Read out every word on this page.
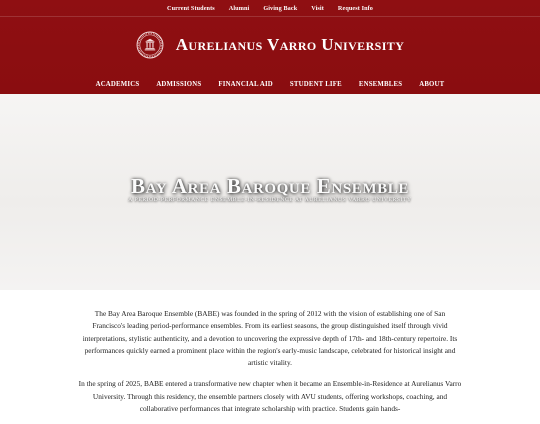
Current Students Alumni Giving Back Visit Request Info
Aurelianus Varro University
ACADEMICS	ADMISSIONS	FINANCIAL AID	STUDENT LIFE	ENSEMBLES	ABOUT
Bay Area Baroque Ensemble
A PERIOD-PERFORMANCE ENSEMBLE-IN-RESIDENCE AT AURELIANUS VARRO UNIVERSITY

The Bay Area Baroque Ensemble (BABE) was founded in the spring of 2012 with the vision of establishing one of San Francisco's leading period-performance ensembles. From its earliest seasons, the group distinguished itself through vivid interpretations, stylistic authenticity, and a devotion to uncovering the expressive depth of 17th- and 18th-century repertoire. Its performances quickly earned a prominent place within the region's early-music landscape, celebrated for historical insight and artistic vitality.

In the spring of 2025, BABE entered a transformative new chapter when it became an Ensemble-in-Residence at Aurelianus Varro University. Through this residency, the ensemble partners closely with AVU students, offering workshops, coaching, and collaborative performances that integrate scholarship with practice. Students gain hands-
